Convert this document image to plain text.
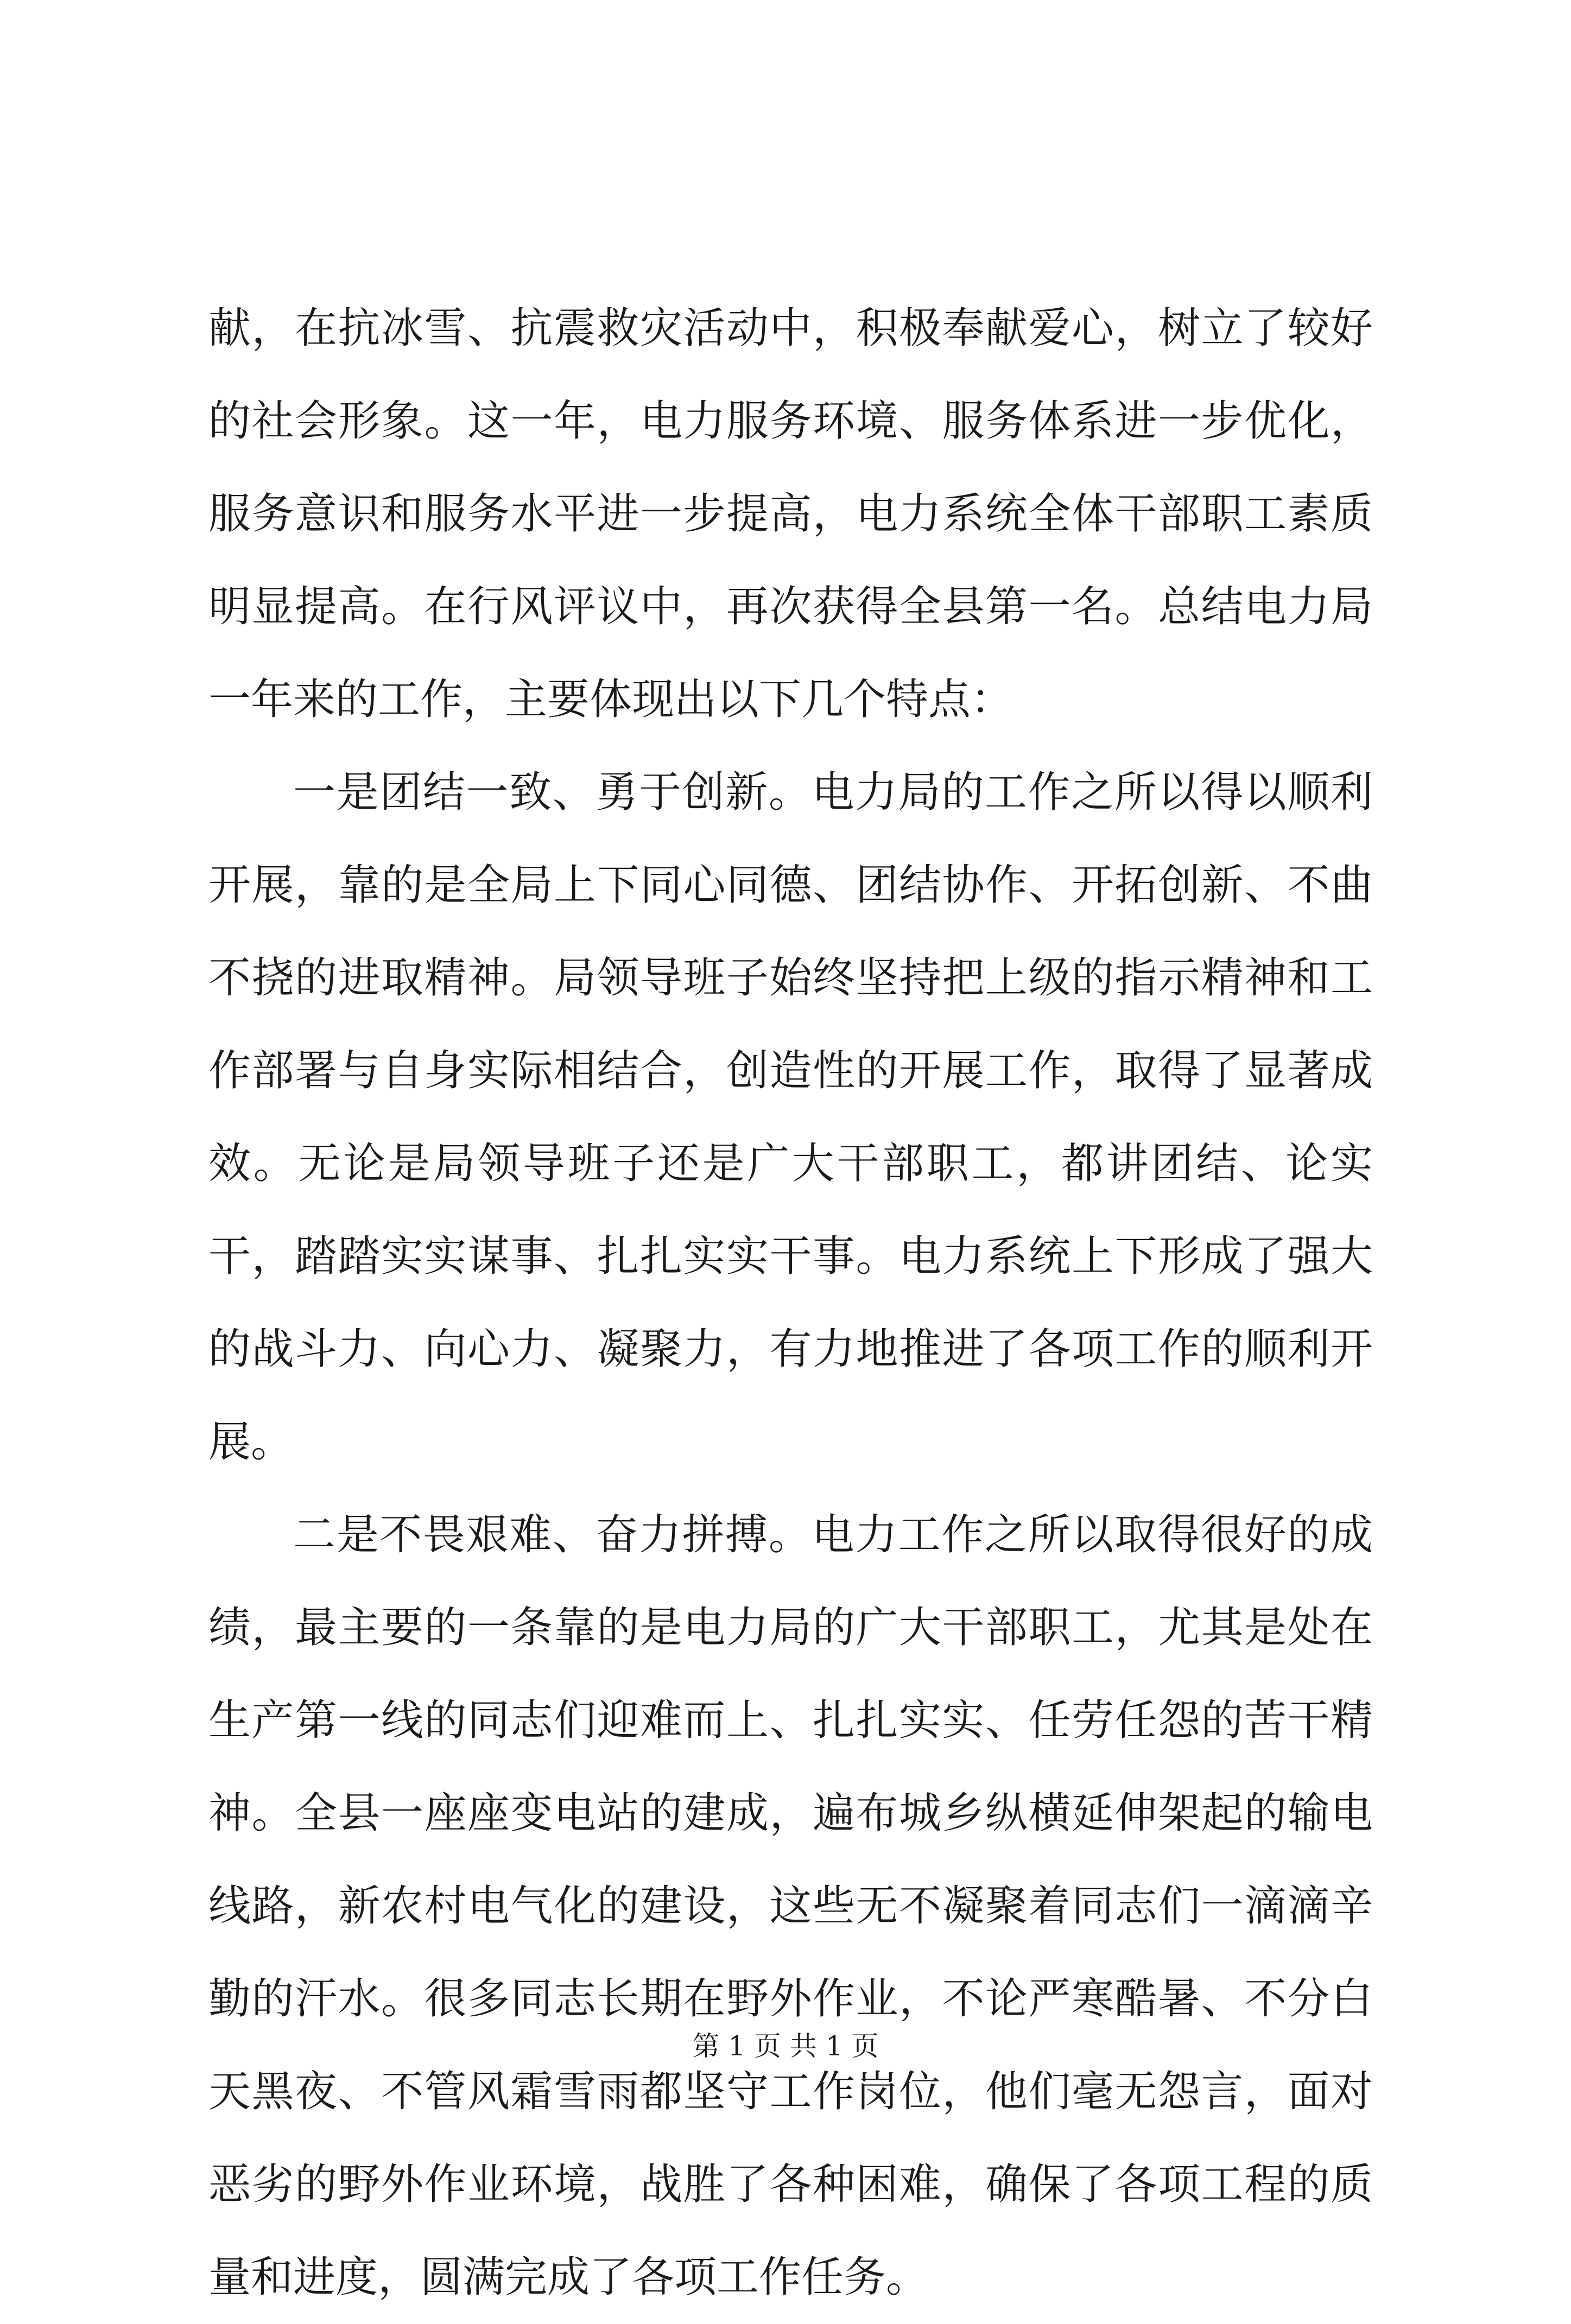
献，在抗冰雪、抗震救灾活动中，积极奉献爱心，树立了较好的社会形象。这一年，电力服务环境、服务体系进一步优化，服务意识和服务水平进一步提高，电力系统全体干部职工素质明显提高。在行风评议中，再次获得全县第一名。总结电力局一年来的工作，主要体现出以下几个特点：

一是团结一致、勇于创新。电力局的工作之所以得以顺利开展，靠的是全局上下同心同德、团结协作、开拓创新、不曲不挠的进取精神。局领导班子始终坚持把上级的指示精神和工作部署与自身实际相结合，创造性的开展工作，取得了显著成效。无论是局领导班子还是广大干部职工，都讲团结、论实干，踏踏实实谋事、扎扎实实干事。电力系统上下形成了强大的战斗力、向心力、凝聚力，有力地推进了各项工作的顺利开展。

二是不畏艰难、奋力拼搏。电力工作之所以取得很好的成绩，最主要的一条靠的是电力局的广大干部职工，尤其是处在生产第一线的同志们迎难而上、扎扎实实、任劳任怨的苦干精神。全县一座座变电站的建成，遍布城乡纵横延伸架起的输电线路，新农村电气化的建设，这些无不凝聚着同志们一滴滴辛勤的汗水。很多同志长期在野外作业，不论严寒酷暑、不分白天黑夜、不管风霜雪雨都坚守工作岗位，他们毫无怨言，面对恶劣的野外作业环境，战胜了各种困难，确保了各项工程的质量和进度，圆满完成了各项工作任务。

第 1 页 共 1 页
